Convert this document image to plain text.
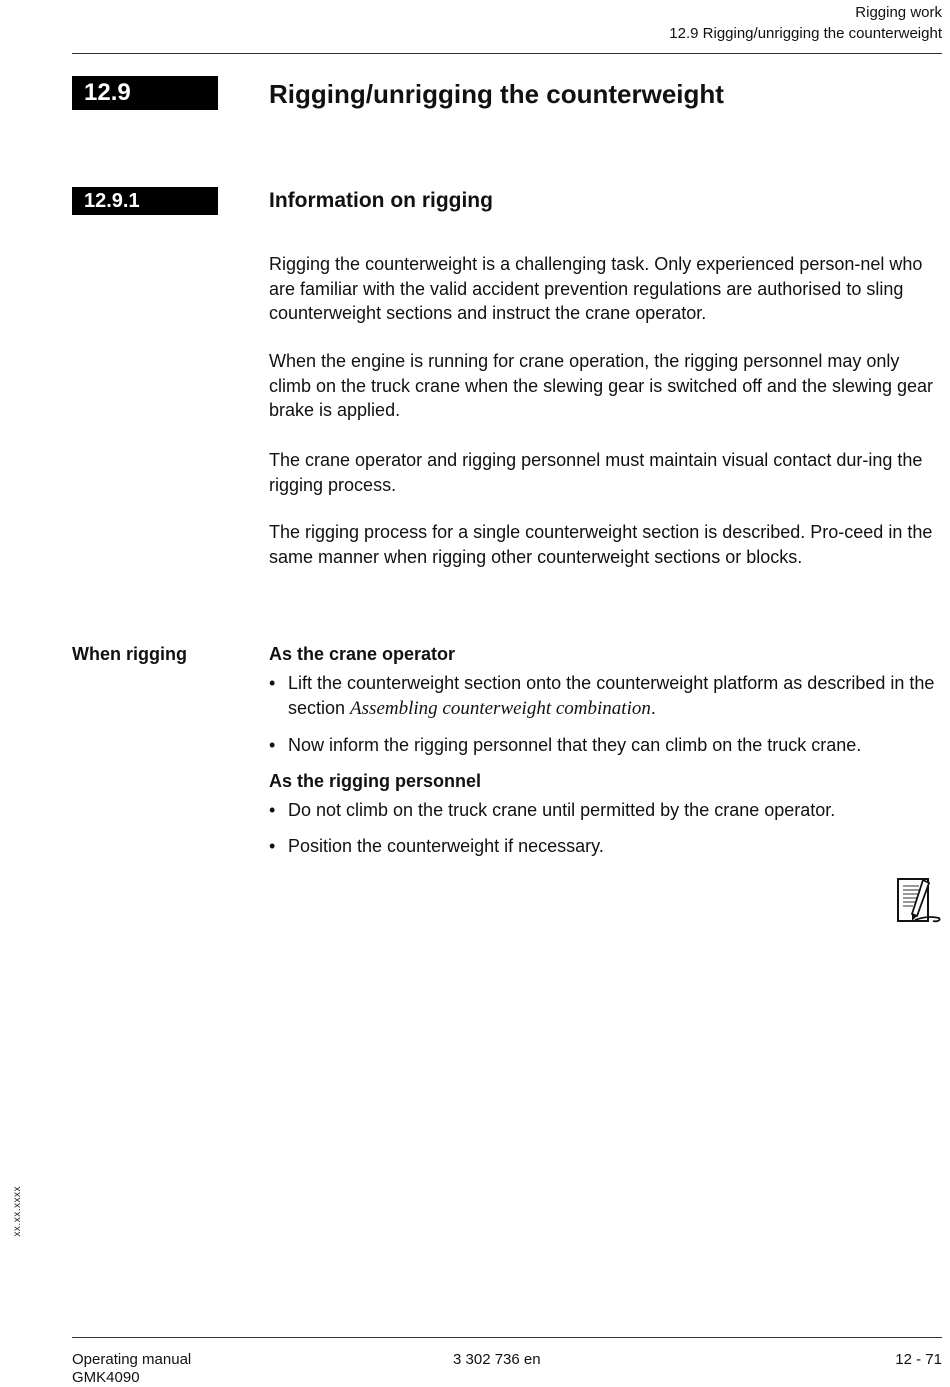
Rigging work
12.9 Rigging/unrigging the counterweight
12.9	Rigging/unrigging the counterweight
12.9.1	Information on rigging

Rigging the counterweight is a challenging task. Only experienced person-nel who are familiar with the valid accident prevention regulations are authorised to sling counterweight sections and instruct the crane operator.

When the engine is running for crane operation, the rigging personnel may only climb on the truck crane when the slewing gear is switched off and the slewing gear brake is applied.

The crane operator and rigging personnel must maintain visual contact dur-ing the rigging process.

The rigging process for a single counterweight section is described. Pro-ceed in the same manner when rigging other counterweight sections or blocks.

When rigging	As the crane operator
• Lift the counterweight section onto the counterweight platform as described in the section Assembling counterweight combination.
• Now inform the rigging personnel that they can climb on the truck crane.
As the rigging personnel
• Do not climb on the truck crane until permitted by the crane operator.
• Position the counterweight if necessary.
xx.xx.xxxx
Operating manual
GMK4090
3 302 736 en	12 - 71
